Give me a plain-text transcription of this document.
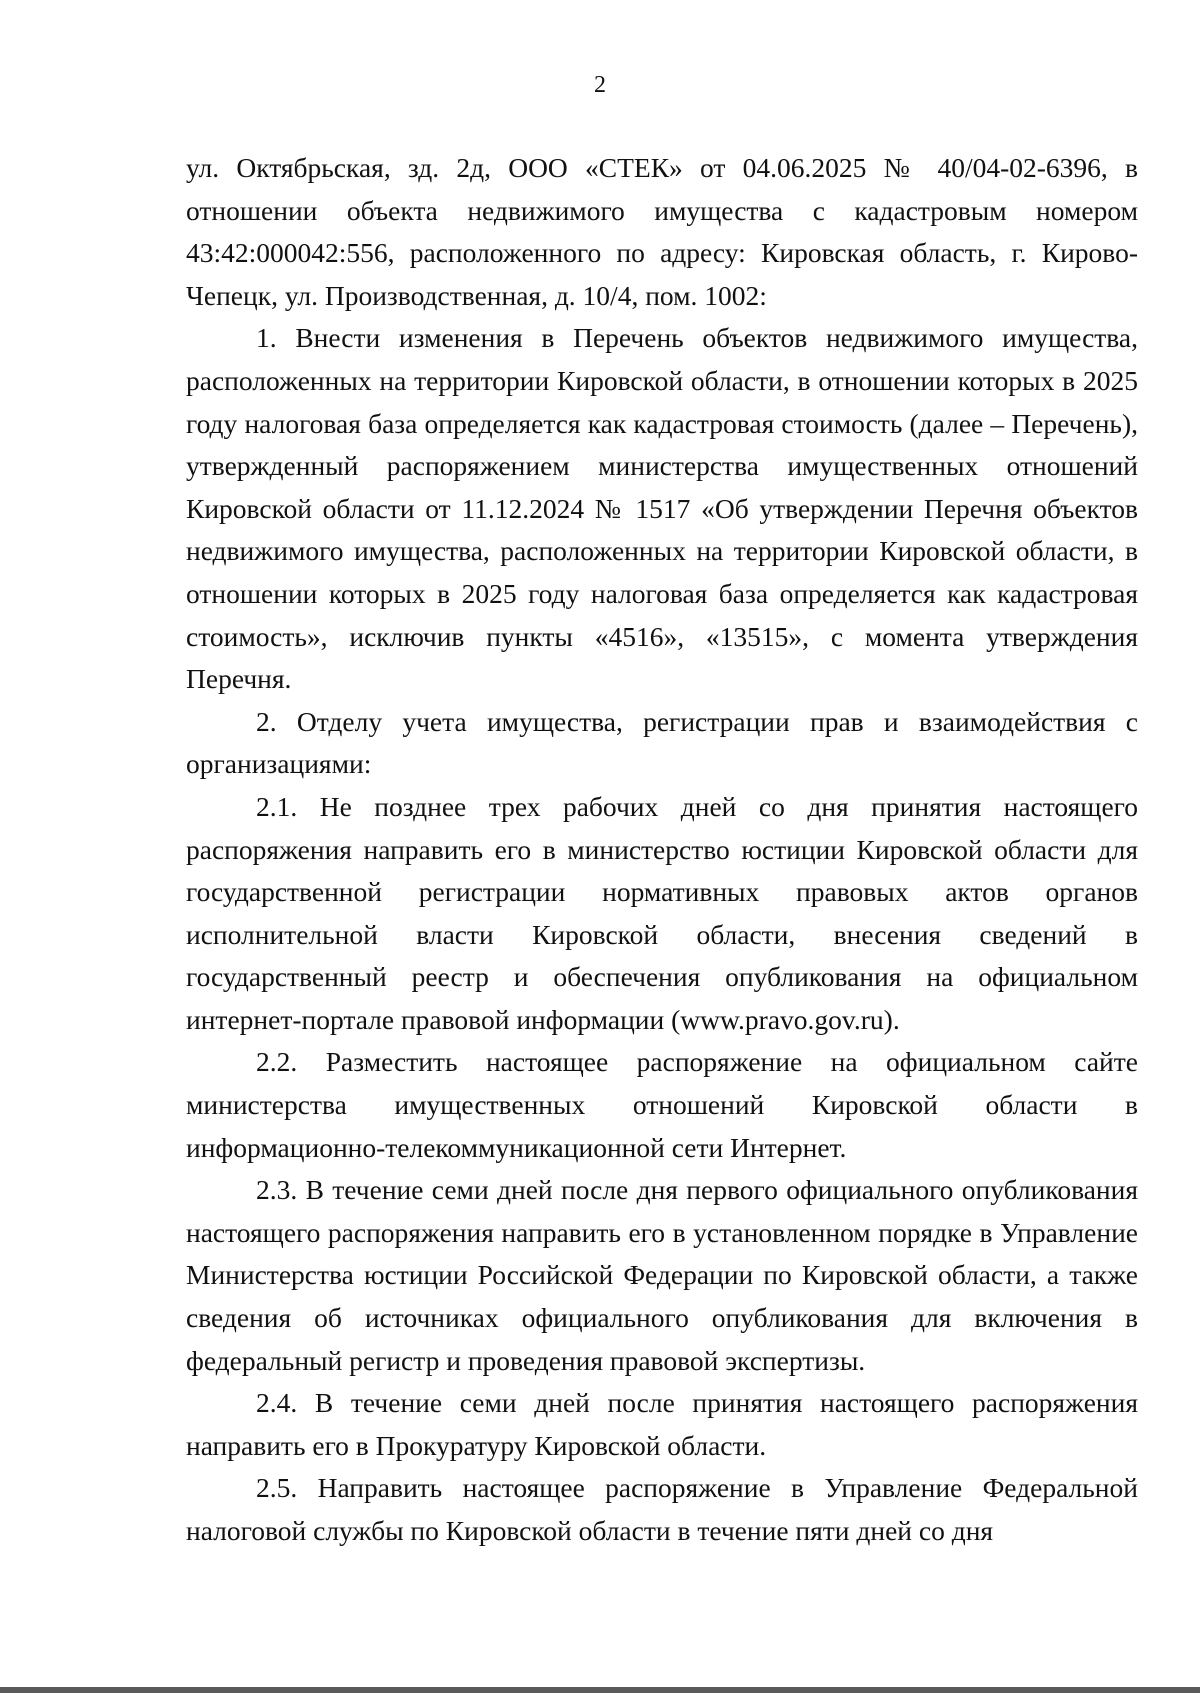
2

ул. Октябрьская, зд. 2д, ООО «СТЕК» от 04.06.2025 № 40/04-02-6396, в отношении объекта недвижимого имущества с кадастровым номером 43:42:000042:556, расположенного по адресу: Кировская область, г. Кирово-Чепецк, ул. Производственная, д. 10/4, пом. 1002:

1. Внести изменения в Перечень объектов недвижимого имущества, расположенных на территории Кировской области, в отношении которых в 2025 году налоговая база определяется как кадастровая стоимость (далее – Перечень), утвержденный распоряжением министерства имущественных отношений Кировской области от 11.12.2024 № 1517 «Об утверждении Перечня объектов недвижимого имущества, расположенных на территории Кировской области, в отношении которых в 2025 году налоговая база определяется как кадастровая стоимость», исключив пункты «4516», «13515», с момента утверждения Перечня.

2. Отделу учета имущества, регистрации прав и взаимодействия с организациями:

2.1. Не позднее трех рабочих дней со дня принятия настоящего распоряжения направить его в министерство юстиции Кировской области для государственной регистрации нормативных правовых актов органов исполнительной власти Кировской области, внесения сведений в государственный реестр и обеспечения опубликования на официальном интернет-портале правовой информации (www.pravo.gov.ru).

2.2. Разместить настоящее распоряжение на официальном сайте министерства имущественных отношений Кировской области в информационно-телекоммуникационной сети Интернет.

2.3. В течение семи дней после дня первого официального опубликования настоящего распоряжения направить его в установленном порядке в Управление Министерства юстиции Российской Федерации по Кировской области, а также сведения об источниках официального опубликования для включения в федеральный регистр и проведения правовой экспертизы.

2.4. В течение семи дней после принятия настоящего распоряжения направить его в Прокуратуру Кировской области.

2.5. Направить настоящее распоряжение в Управление Федеральной налоговой службы по Кировской области в течение пяти дней со дня
